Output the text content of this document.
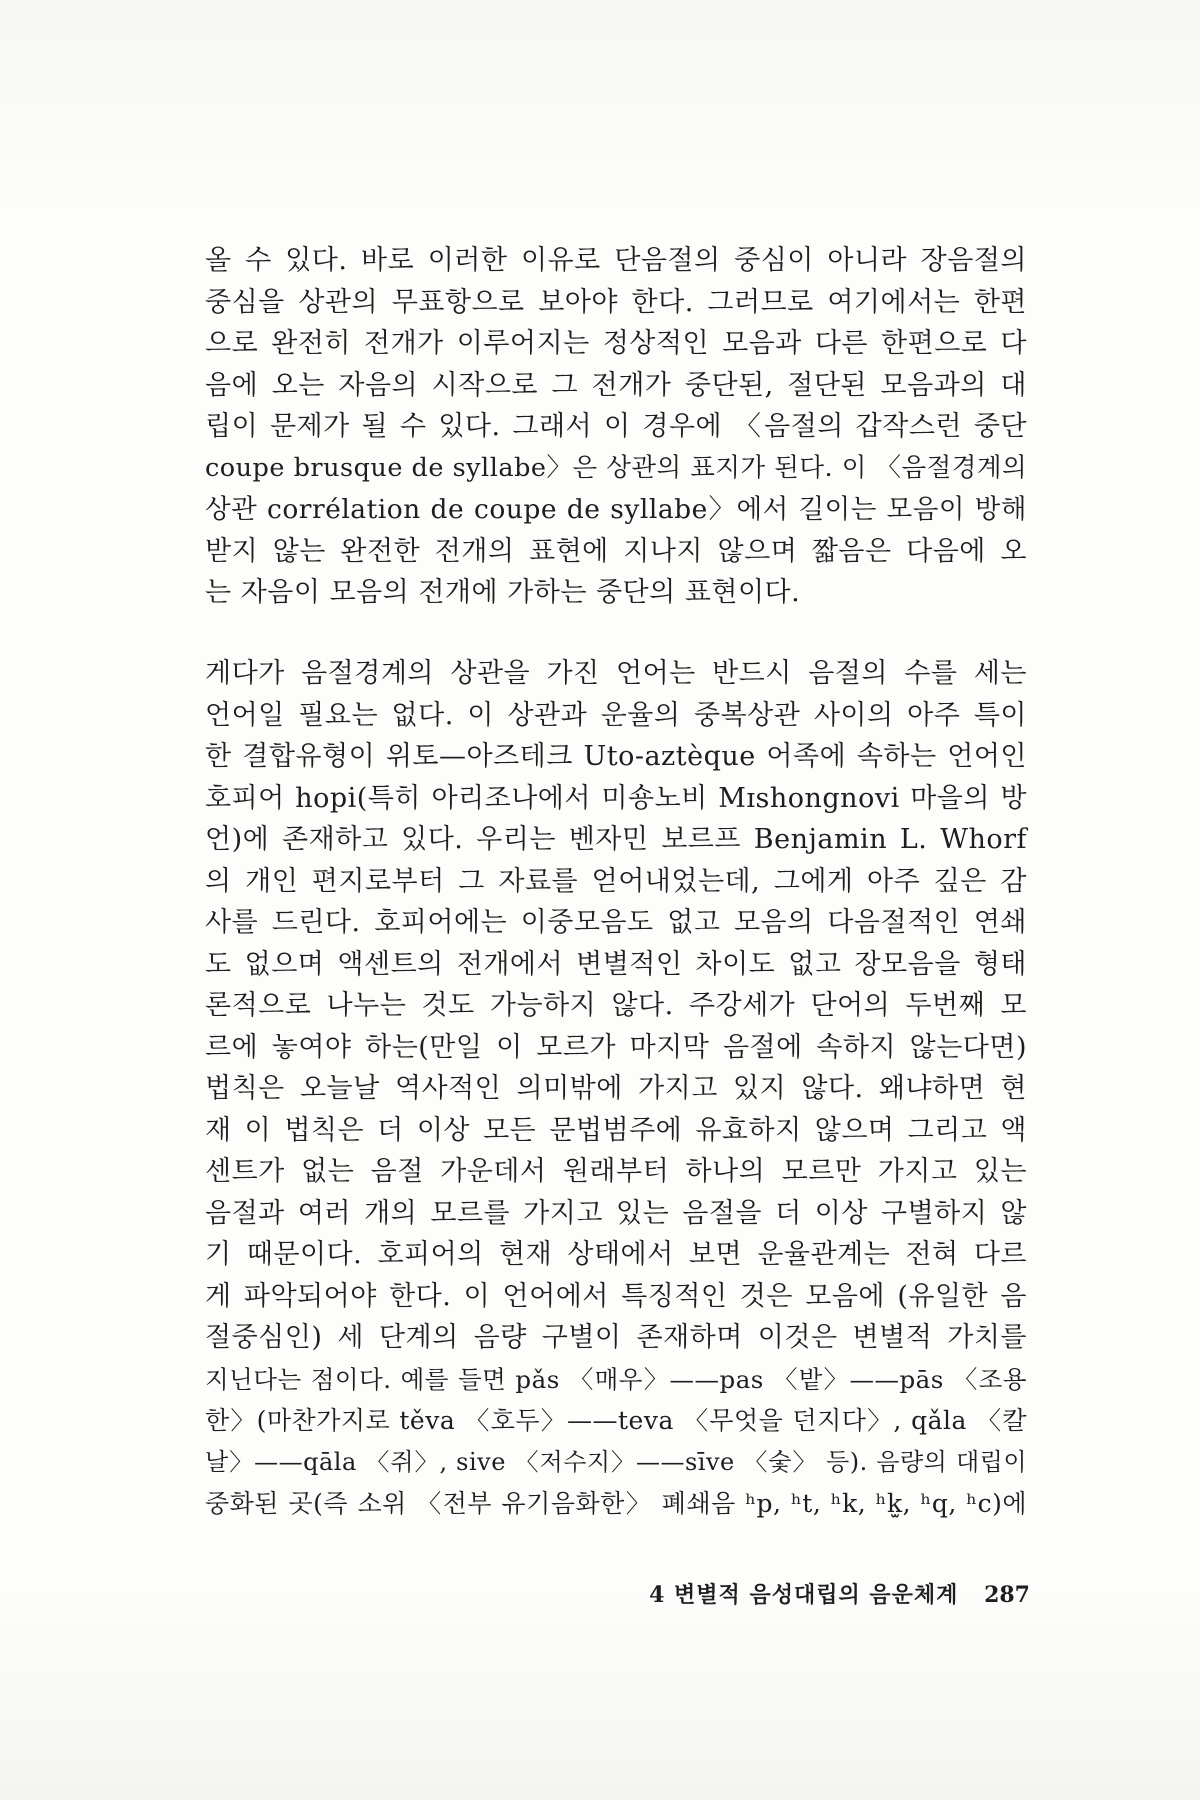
올 수 있다. 바로 이러한 이유로 단음절의 중심이 아니라 장음절의
중심을 상관의 무표항으로 보아야 한다. 그러므로 여기에서는 한편
으로 완전히 전개가 이루어지는 정상적인 모음과 다른 한편으로 다
음에 오는 자음의 시작으로 그 전개가 중단된, 절단된 모음과의 대
립이 문제가 될 수 있다. 그래서 이 경우에 〈음절의 갑작스런 중단
coupe brusque de syllabe〉은 상관의 표지가 된다. 이 〈음절경계의
상관 corrélation de coupe de syllabe〉에서 길이는 모음이 방해
받지 않는 완전한 전개의 표현에 지나지 않으며 짧음은 다음에 오
는 자음이 모음의 전개에 가하는 중단의 표현이다.
게다가 음절경계의 상관을 가진 언어는 반드시 음절의 수를 세는
언어일 필요는 없다. 이 상관과 운율의 중복상관 사이의 아주 특이
한 결합유형이 위토—아즈테크 Uto-aztèque 어족에 속하는 언어인
호피어 hopi(특히 아리조나에서 미숑노비 Mɪshongnovi 마을의 방
언)에 존재하고 있다. 우리는 벤자민 보르프 Benjamin L. Whorf
의 개인 편지로부터 그 자료를 얻어내었는데, 그에게 아주 깊은 감
사를 드린다. 호피어에는 이중모음도 없고 모음의 다음절적인 연쇄
도 없으며 액센트의 전개에서 변별적인 차이도 없고 장모음을 형태
론적으로 나누는 것도 가능하지 않다. 주강세가 단어의 두번째 모
르에 놓여야 하는(만일 이 모르가 마지막 음절에 속하지 않는다면)
법칙은 오늘날 역사적인 의미밖에 가지고 있지 않다. 왜냐하면 현
재 이 법칙은 더 이상 모든 문법범주에 유효하지 않으며 그리고 액
센트가 없는 음절 가운데서 원래부터 하나의 모르만 가지고 있는
음절과 여러 개의 모르를 가지고 있는 음절을 더 이상 구별하지 않
기 때문이다. 호피어의 현재 상태에서 보면 운율관계는 전혀 다르
게 파악되어야 한다. 이 언어에서 특징적인 것은 모음에 (유일한 음
절중심인) 세 단계의 음량 구별이 존재하며 이것은 변별적 가치를
지닌다는 점이다. 예를 들면 pǎs 〈매우〉——pas 〈밭〉——pās 〈조용
한〉(마찬가지로 těva 〈호두〉——teva 〈무엇을 던지다〉, qǎla 〈칼
날〉——qāla 〈쥐〉, sive 〈저수지〉——sīve 〈숯〉 등). 음량의 대립이
중화된 곳(즉 소위 〈전부 유기음화한〉 폐쇄음 ʰp, ʰt, ʰk, ʰk̫, ʰq, ʰc)에
4 변별적 음성대립의 음운체계 287
